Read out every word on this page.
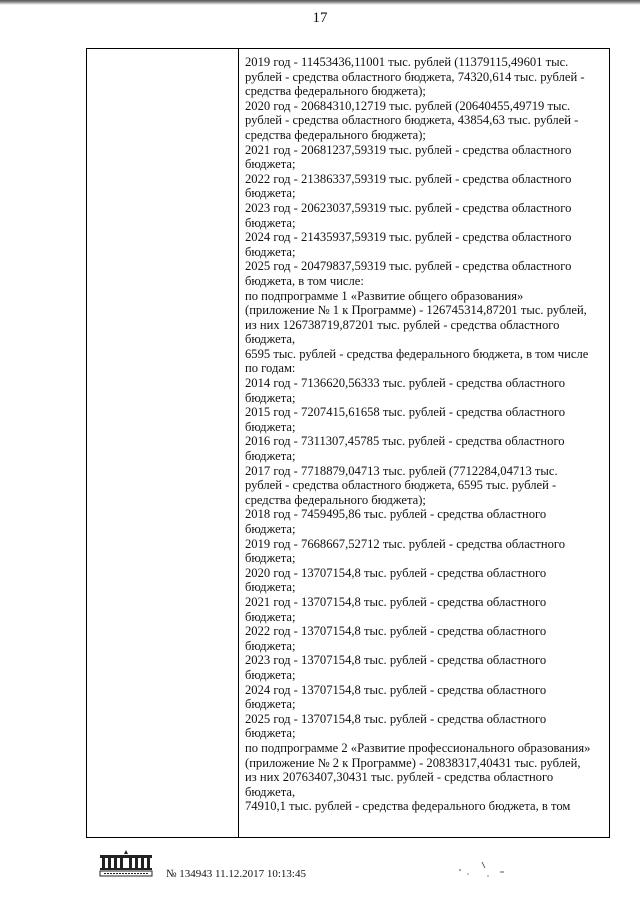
17
2019 год - 11453436,11001 тыс. рублей (11379115,49601 тыс.
рублей - средства областного бюджета, 74320,614 тыс. рублей -
средства федерального бюджета);
2020 год - 20684310,12719 тыс. рублей (20640455,49719 тыс.
рублей - средства областного бюджета, 43854,63 тыс. рублей -
средства федерального бюджета);
2021 год - 20681237,59319 тыс. рублей - средства областного
бюджета;
2022 год - 21386337,59319 тыс. рублей - средства областного
бюджета;
2023 год - 20623037,59319 тыс. рублей - средства областного
бюджета;
2024 год - 21435937,59319 тыс. рублей - средства областного
бюджета;
2025 год - 20479837,59319 тыс. рублей - средства областного
бюджета, в том числе:
по подпрограмме 1 «Развитие общего образования»
(приложение № 1 к Программе) - 126745314,87201 тыс. рублей,
из них 126738719,87201 тыс. рублей - средства областного
бюджета,
6595 тыс. рублей - средства федерального бюджета, в том числе
по годам:
2014 год - 7136620,56333 тыс. рублей - средства областного
бюджета;
2015 год - 7207415,61658 тыс. рублей - средства областного
бюджета;
2016 год - 7311307,45785 тыс. рублей - средства областного
бюджета;
2017 год - 7718879,04713 тыс. рублей (7712284,04713 тыс.
рублей - средства областного бюджета, 6595 тыс. рублей -
средства федерального бюджета);
2018 год - 7459495,86 тыс. рублей - средства областного
бюджета;
2019 год - 7668667,52712 тыс. рублей - средства областного
бюджета;
2020 год - 13707154,8 тыс. рублей - средства областного
бюджета;
2021 год - 13707154,8 тыс. рублей - средства областного
бюджета;
2022 год - 13707154,8 тыс. рублей - средства областного
бюджета;
2023 год - 13707154,8 тыс. рублей - средства областного
бюджета;
2024 год - 13707154,8 тыс. рублей - средства областного
бюджета;
2025 год - 13707154,8 тыс. рублей - средства областного
бюджета;
по подпрограмме 2 «Развитие профессионального образования»
(приложение № 2 к Программе) - 20838317,40431 тыс. рублей,
из них 20763407,30431 тыс. рублей - средства областного
бюджета,
74910,1 тыс. рублей - средства федерального бюджета, в том
№ 134943 11.12.2017 10:13:45
